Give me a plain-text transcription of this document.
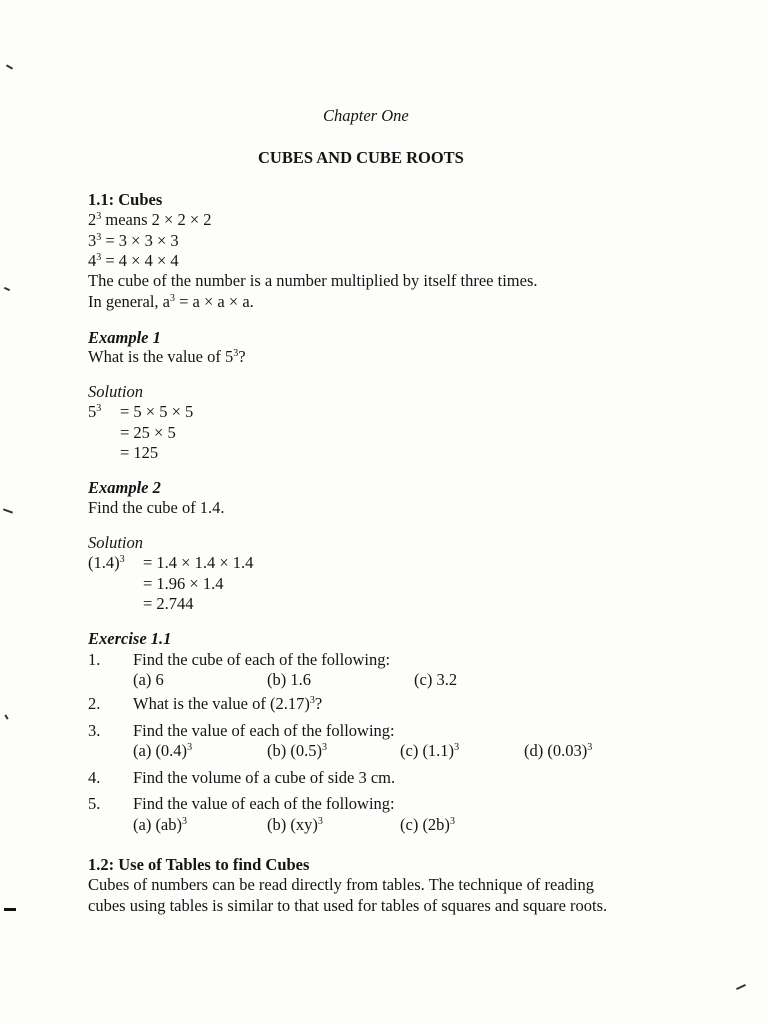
Chapter One
CUBES AND CUBE ROOTS
1.1: Cubes
$2^3$ means 2 × 2 × 2
$3^3 = 3 \times 3 \times 3$
$4^3 = 4 \times 4 \times 4$
The cube of the number is a number multiplied by itself three times.
In general, $a^3 = a \times a \times a$.
Example 1
What is the value of $5^3$?
Solution
$5^3 = 5 \times 5 \times 5$
= 25 × 5
= 125
Example 2
Find the cube of 1.4.
Solution
$(1.4)^3 = 1.4 \times 1.4 \times 1.4$
= 1.96 × 1.4
= 2.744
Exercise 1.1
1. Find the cube of each of the following:
(a) 6	(b) 1.6	(c) 3.2
2. What is the value of $(2.17)^3$?
3. Find the value of each of the following:
(a) $(0.4)^3$	(b) $(0.5)^3$	(c) $(1.1)^3$	(d) $(0.03)^3$
4. Find the volume of a cube of side 3 cm.
5. Find the value of each of the following:
(a) (ab)$^3$	(b) (xy)$^3$	(c) $(2b)^3$
1.2: Use of Tables to find Cubes
Cubes of numbers can be read directly from tables. The technique of reading
cubes using tables is similar to that used for tables of squares and square roots.
